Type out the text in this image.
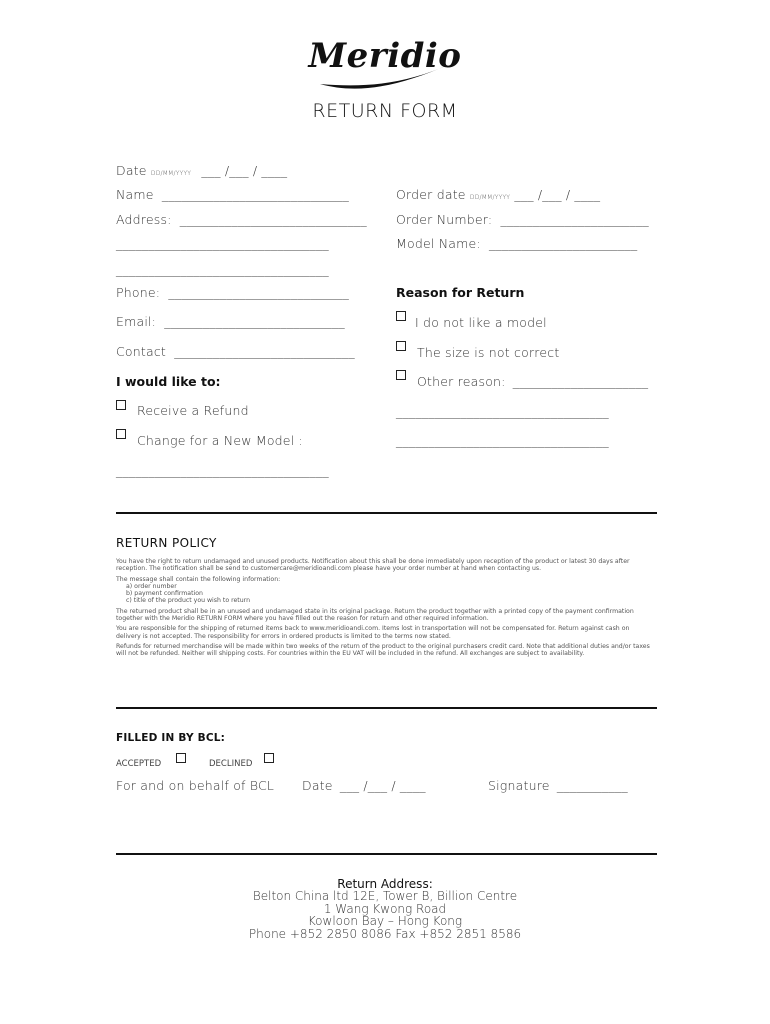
Meridio
RETURN FORM
Date DD/MM/YYYY ___ /___ / ____
Name _____________________________
Address: _____________________________
_________________________________
_________________________________
Phone: ____________________________
Email: ____________________________
Contact ____________________________
I would like to:
Receive a Refund
Change for a New Model :
_________________________________
Order date DD/MM/YYYY ___ /___ / ____
Order Number: _______________________
Model Name: _______________________
Reason for Return
I do not like a model
The size is not correct
Other reason: _____________________
_________________________________
_________________________________
RETURN POLICY

You have the right to return undamaged and unused products. Notification about this shall be done immediately upon reception of the product or latest 30 days after reception. The notification shall be send to customercare@meridioandi.com please have your order number at hand when contacting us.

The message shall contain the following information:

a) order number
b) payment confirmation
c) title of the product you wish to return

The returned product shall be in an unused and undamaged state in its original package. Return the product together with a printed copy of the payment confirmation together with the Meridio RETURN FORM where you have filled out the reason for return and other required information.

You are responsible for the shipping of returned items back to www.meridioandi.com. Items lost in transportation will not be compensated for. Return against cash on delivery is not accepted. The responsibility for errors in ordered products is limited to the terms now stated.

Refunds for returned merchandise will be made within two weeks of the return of the product to the original purchasers credit card. Note that additional duties and/or taxes will not be refunded. Neither will shipping costs. For countries within the EU VAT will be included in the refund. All exchanges are subject to availability.

FILLED IN BY BCL:
ACCEPTED	DECLINED
For and on behalf of BCL Date ___ /___ / ____	Signature ___________
Return Address:
Belton China ltd 12E, Tower B, Billion Centre
1 Wang Kwong Road
Kowloon Bay – Hong Kong
Phone +852 2850 8086 Fax +852 2851 8586
